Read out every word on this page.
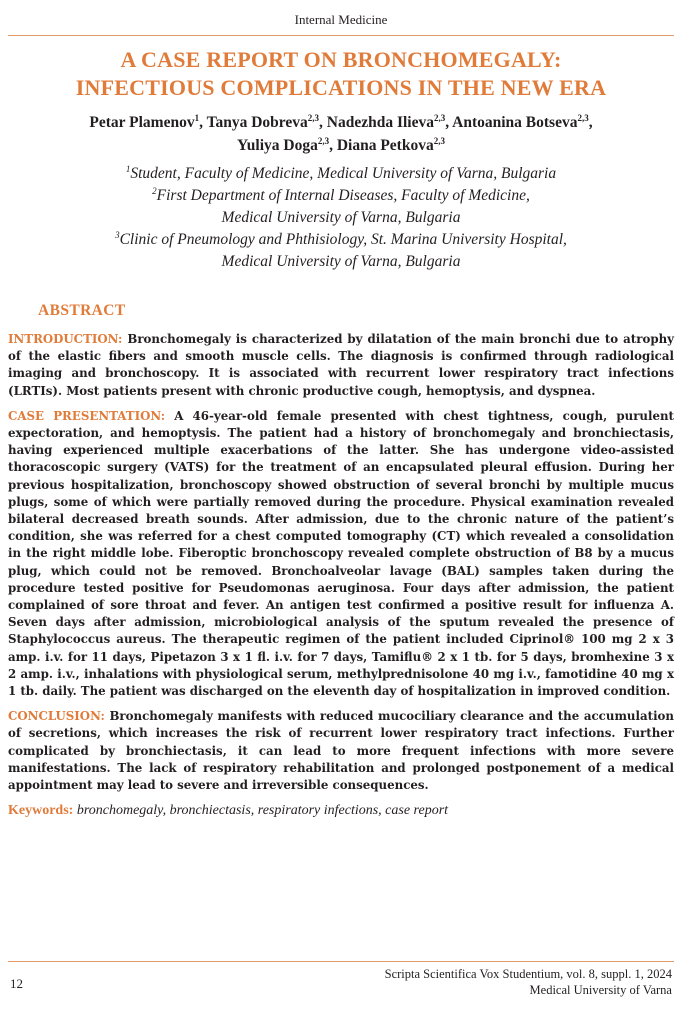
Internal Medicine
A CASE REPORT ON BRONCHOMEGALY:
INFECTIOUS COMPLICATIONS IN THE NEW ERA
Petar Plamenov$^1$, Tanya Dobreva$^{2,3}$, Nadezhda Ilieva$^{2,3}$, Antoanina Botseva$^{2,3}$,
Yuliya Doga$^{2,3}$, Diana Petkova$^{2,3}$
$^1$Student, Faculty of Medicine, Medical University of Varna, Bulgaria
$^2$First Department of Internal Diseases, Faculty of Medicine,
Medical University of Varna, Bulgaria
$^3$Clinic of Pneumology and Phthisiology, St. Marina University Hospital,
Medical University of Varna, Bulgaria
ABSTRACT

INTRODUCTION: Bronchomegaly is characterized by dilatation of the main bronchi due to atrophy of the elastic fibers and smooth muscle cells. The diagnosis is confirmed through radiological imaging and bronchoscopy. It is associated with recurrent lower respiratory tract infections (LRTIs). Most patients present with chronic productive cough, hemoptysis, and dyspnea.

CASE PRESENTATION: A 46-year-old female presented with chest tightness, cough, purulent expectoration, and hemoptysis. The patient had a history of bronchomegaly and bronchiectasis, having experienced multiple exacerbations of the latter. She has undergone video-assisted thoracoscopic surgery (VATS) for the treatment of an encapsulated pleural effusion. During her previous hospitalization, bronchoscopy showed obstruction of several bronchi by multiple mucus plugs, some of which were partially removed during the procedure. Physical examination revealed bilateral decreased breath sounds. After admission, due to the chronic nature of the patient’s condition, she was referred for a chest computed tomography (CT) which revealed a consolidation in the right middle lobe. Fiberoptic bronchoscopy revealed complete obstruction of B8 by a mucus plug, which could not be removed. Bronchoalveolar lavage (BAL) samples taken during the procedure tested positive for Pseudomonas aeruginosa. Four days after admission, the patient complained of sore throat and fever. An antigen test confirmed a positive result for influenza A. Seven days after admission, microbiological analysis of the sputum revealed the presence of Staphylococcus aureus. The therapeutic regimen of the patient included Ciprinol® 100 mg 2 x 3 amp. i.v. for 11 days, Pipetazon 3 x 1 fl. i.v. for 7 days, Tamiflu® 2 x 1 tb. for 5 days, bromhexine 3 x 2 amp. i.v., inhalations with physiological serum, methylprednisolone 40 mg i.v., famotidine 40 mg x 1 tb. daily. The patient was discharged on the eleventh day of hospitalization in improved condition.

CONCLUSION: Bronchomegaly manifests with reduced mucociliary clearance and the accumulation of secretions, which increases the risk of recurrent lower respiratory tract infections. Further complicated by bronchiectasis, it can lead to more frequent infections with more severe manifestations. The lack of respiratory rehabilitation and prolonged postponement of a medical appointment may lead to severe and irreversible consequences.

Keywords: bronchomegaly, bronchiectasis, respiratory infections, case report

12
Scripta Scientifica Vox Studentium, vol. 8, suppl. 1, 2024
Medical University of Varna
